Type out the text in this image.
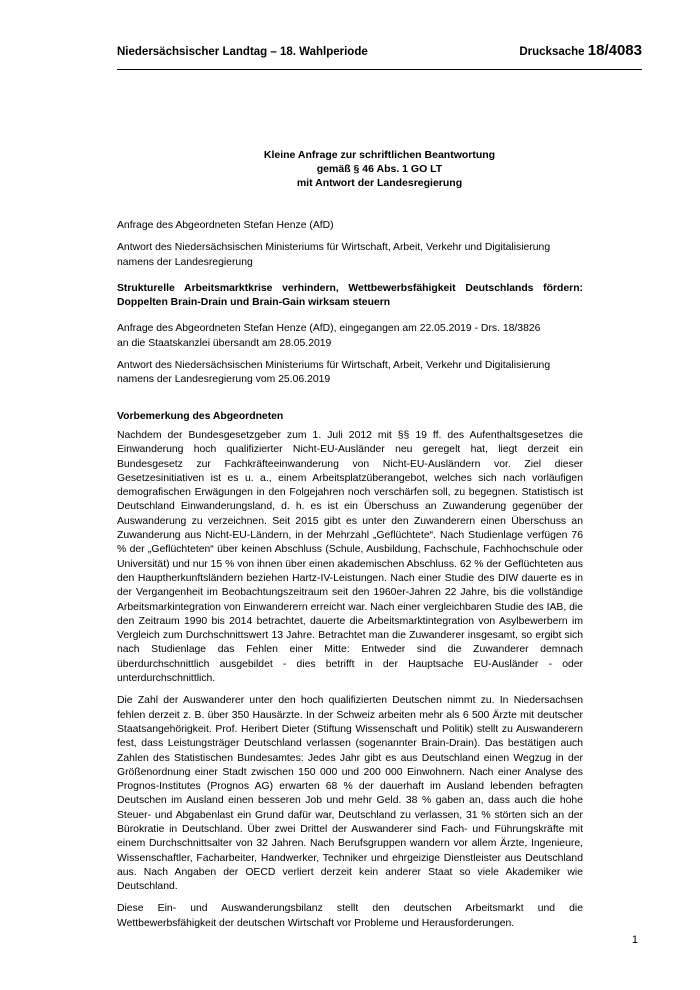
Niedersächsischer Landtag – 18. Wahlperiode	Drucksache 18/4083
Kleine Anfrage zur schriftlichen Beantwortung
gemäß § 46 Abs. 1 GO LT
mit Antwort der Landesregierung

Anfrage des Abgeordneten Stefan Henze (AfD)

Antwort des Niedersächsischen Ministeriums für Wirtschaft, Arbeit, Verkehr und Digitalisierung namens der Landesregierung

Strukturelle Arbeitsmarktkrise verhindern, Wettbewerbsfähigkeit Deutschlands fördern: Doppelten Brain-Drain und Brain-Gain wirksam steuern

Anfrage des Abgeordneten Stefan Henze (AfD), eingegangen am 22.05.2019 - Drs. 18/3826
an die Staatskanzlei übersandt am 28.05.2019

Antwort des Niedersächsischen Ministeriums für Wirtschaft, Arbeit, Verkehr und Digitalisierung namens der Landesregierung vom 25.06.2019

Vorbemerkung des Abgeordneten

Nachdem der Bundesgesetzgeber zum 1. Juli 2012 mit §§ 19 ff. des Aufenthaltsgesetzes die Einwanderung hoch qualifizierter Nicht-EU-Ausländer neu geregelt hat, liegt derzeit ein Bundesgesetz zur Fachkräfteeinwanderung von Nicht-EU-Ausländern vor. Ziel dieser Gesetzesinitiativen ist es u. a., einem Arbeitsplatzüberangebot, welches sich nach vorläufigen demografischen Erwägungen in den Folgejahren noch verschärfen soll, zu begegnen. Statistisch ist Deutschland Einwanderungsland, d. h. es ist ein Überschuss an Zuwanderung gegenüber der Auswanderung zu verzeichnen. Seit 2015 gibt es unter den Zuwanderern einen Überschuss an Zuwanderung aus Nicht-EU-Ländern, in der Mehrzahl „Geflüchtete“. Nach Studienlage verfügen 76 % der „Geflüchteten“ über keinen Abschluss (Schule, Ausbildung, Fachschule, Fachhochschule oder Universität) und nur 15 % von ihnen über einen akademischen Abschluss. 62 % der Geflüchteten aus den Hauptherkunftsländern beziehen Hartz-IV-Leistungen. Nach einer Studie des DIW dauerte es in der Vergangenheit im Beobachtungszeitraum seit den 1960er-Jahren 22 Jahre, bis die vollständige Arbeitsmarkintegration von Einwanderern erreicht war. Nach einer vergleichbaren Studie des IAB, die den Zeitraum 1990 bis 2014 betrachtet, dauerte die Arbeitsmarktintegration von Asylbewerbern im Vergleich zum Durchschnittswert 13 Jahre. Betrachtet man die Zuwanderer insgesamt, so ergibt sich nach Studienlage das Fehlen einer Mitte: Entweder sind die Zuwanderer demnach überdurchschnittlich ausgebildet - dies betrifft in der Hauptsache EU-Ausländer - oder unterdurchschnittlich.

Die Zahl der Auswanderer unter den hoch qualifizierten Deutschen nimmt zu. In Niedersachsen fehlen derzeit z. B. über 350 Hausärzte. In der Schweiz arbeiten mehr als 6 500 Ärzte mit deutscher Staatsangehörigkeit. Prof. Heribert Dieter (Stiftung Wissenschaft und Politik) stellt zu Auswanderern fest, dass Leistungsträger Deutschland verlassen (sogenannter Brain-Drain). Das bestätigen auch Zahlen des Statistischen Bundesamtes: Jedes Jahr gibt es aus Deutschland einen Wegzug in der Größenordnung einer Stadt zwischen 150 000 und 200 000 Einwohnern. Nach einer Analyse des Prognos-Institutes (Prognos AG) erwarten 68 % der dauerhaft im Ausland lebenden befragten Deutschen im Ausland einen besseren Job und mehr Geld. 38 % gaben an, dass auch die hohe Steuer- und Abgabenlast ein Grund dafür war, Deutschland zu verlassen, 31 % störten sich an der Bürokratie in Deutschland. Über zwei Drittel der Auswanderer sind Fach- und Führungskräfte mit einem Durchschnittsalter von 32 Jahren. Nach Berufsgruppen wandern vor allem Ärzte, Ingenieure, Wissenschaftler, Facharbeiter, Handwerker, Techniker und ehrgeizige Dienstleister aus Deutschland aus. Nach Angaben der OECD verliert derzeit kein anderer Staat so viele Akademiker wie Deutschland.

Diese Ein- und Auswanderungsbilanz stellt den deutschen Arbeitsmarkt und die Wettbewerbsfähigkeit der deutschen Wirtschaft vor Probleme und Herausforderungen.

1
